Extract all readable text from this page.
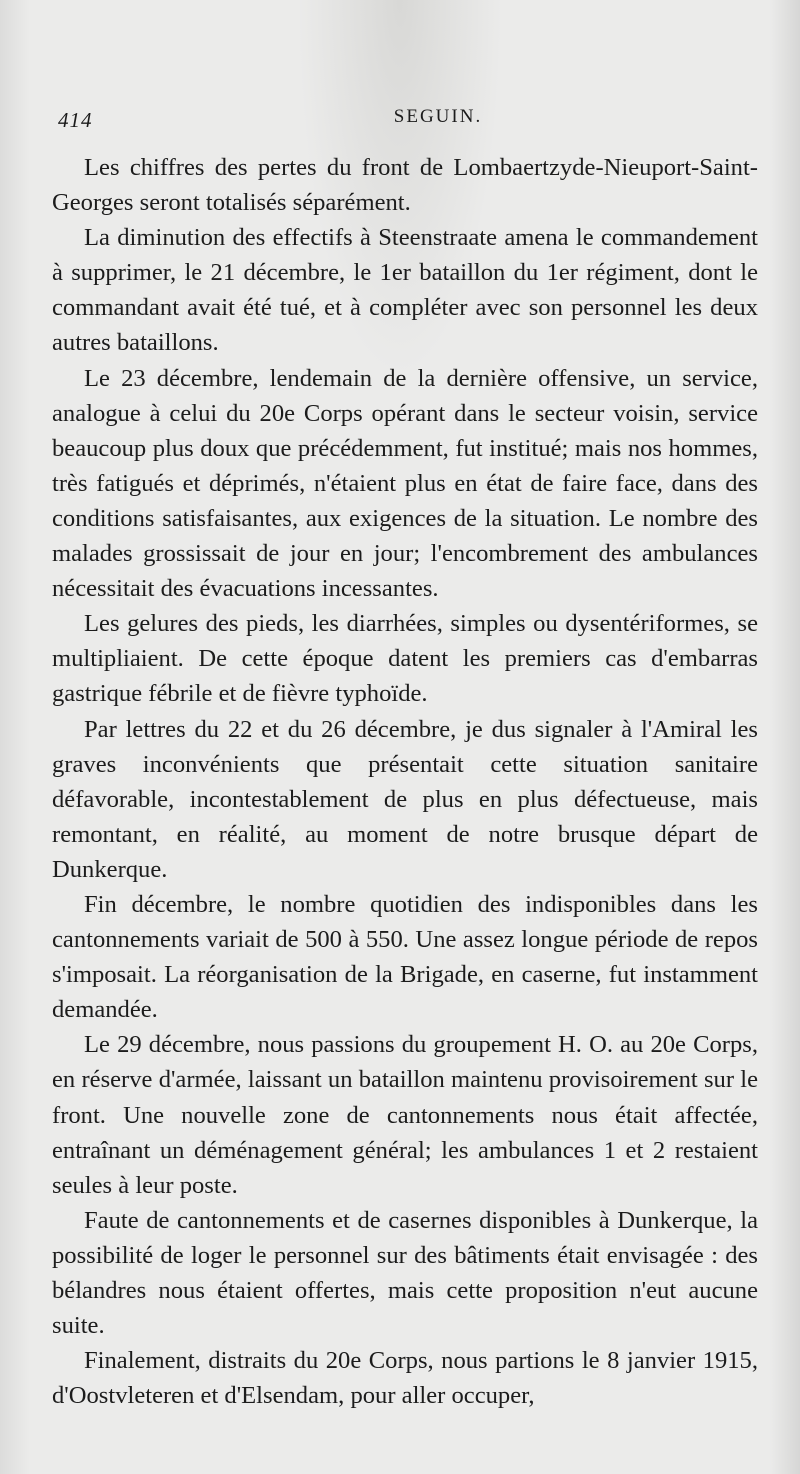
414	SEGUIN.

Les chiffres des pertes du front de Lombaertzyde-Nieuport-Saint-Georges seront totalisés séparément.

La diminution des effectifs à Steenstraate amena le commandement à supprimer, le 21 décembre, le 1er bataillon du 1er régiment, dont le commandant avait été tué, et à compléter avec son personnel les deux autres bataillons.

Le 23 décembre, lendemain de la dernière offensive, un service, analogue à celui du 20e Corps opérant dans le secteur voisin, service beaucoup plus doux que précédemment, fut institué; mais nos hommes, très fatigués et déprimés, n'étaient plus en état de faire face, dans des conditions satisfaisantes, aux exigences de la situation. Le nombre des malades grossissait de jour en jour; l'encombrement des ambulances nécessitait des évacuations incessantes.

Les gelures des pieds, les diarrhées, simples ou dysentériformes, se multipliaient. De cette époque datent les premiers cas d'embarras gastrique fébrile et de fièvre typhoïde.

Par lettres du 22 et du 26 décembre, je dus signaler à l'Amiral les graves inconvénients que présentait cette situation sanitaire défavorable, incontestablement de plus en plus défectueuse, mais remontant, en réalité, au moment de notre brusque départ de Dunkerque.

Fin décembre, le nombre quotidien des indisponibles dans les cantonnements variait de 500 à 550. Une assez longue période de repos s'imposait. La réorganisation de la Brigade, en caserne, fut instamment demandée.

Le 29 décembre, nous passions du groupement H. O. au 20e Corps, en réserve d'armée, laissant un bataillon maintenu provisoirement sur le front. Une nouvelle zone de cantonnements nous était affectée, entraînant un déménagement général; les ambulances 1 et 2 restaient seules à leur poste.

Faute de cantonnements et de casernes disponibles à Dunkerque, la possibilité de loger le personnel sur des bâtiments était envisagée : des bélandres nous étaient offertes, mais cette proposition n'eut aucune suite.

Finalement, distraits du 20e Corps, nous partions le 8 janvier 1915, d'Oostvleteren et d'Elsendam, pour aller occuper,
